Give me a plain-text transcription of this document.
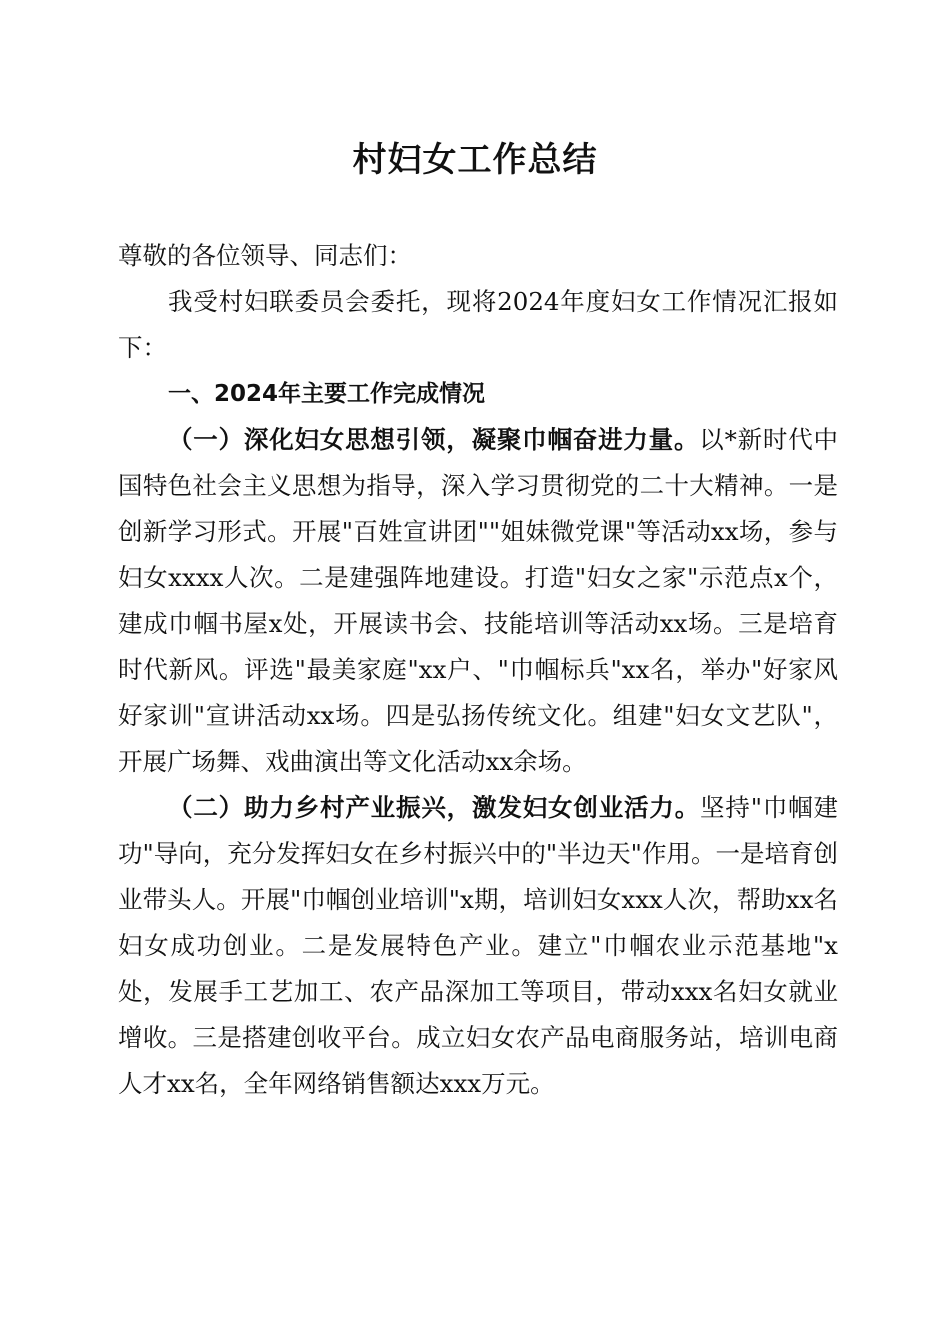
村妇女工作总结

尊敬的各位领导、同志们：

我受村妇联委员会委托，现将2024年度妇女工作情况汇报如下：

一、2024年主要工作完成情况

（一）深化妇女思想引领，凝聚巾帼奋进力量。以*新时代中国特色社会主义思想为指导，深入学习贯彻党的二十大精神。一是创新学习形式。开展"百姓宣讲团""姐妹微党课"等活动xx场，参与妇女xxxx人次。二是建强阵地建设。打造"妇女之家"示范点x个，建成巾帼书屋x处，开展读书会、技能培训等活动xx场。三是培育时代新风。评选"最美家庭"xx户、"巾帼标兵"xx名，举办"好家风好家训"宣讲活动xx场。四是弘扬传统文化。组建"妇女文艺队"，开展广场舞、戏曲演出等文化活动xx余场。

（二）助力乡村产业振兴，激发妇女创业活力。坚持"巾帼建功"导向，充分发挥妇女在乡村振兴中的"半边天"作用。一是培育创业带头人。开展"巾帼创业培训"x期，培训妇女xxx人次，帮助xx名妇女成功创业。二是发展特色产业。建立"巾帼农业示范基地"x处，发展手工艺加工、农产品深加工等项目，带动xxx名妇女就业增收。三是搭建创收平台。成立妇女农产品电商服务站，培训电商人才xx名，全年网络销售额达xxx万元。
